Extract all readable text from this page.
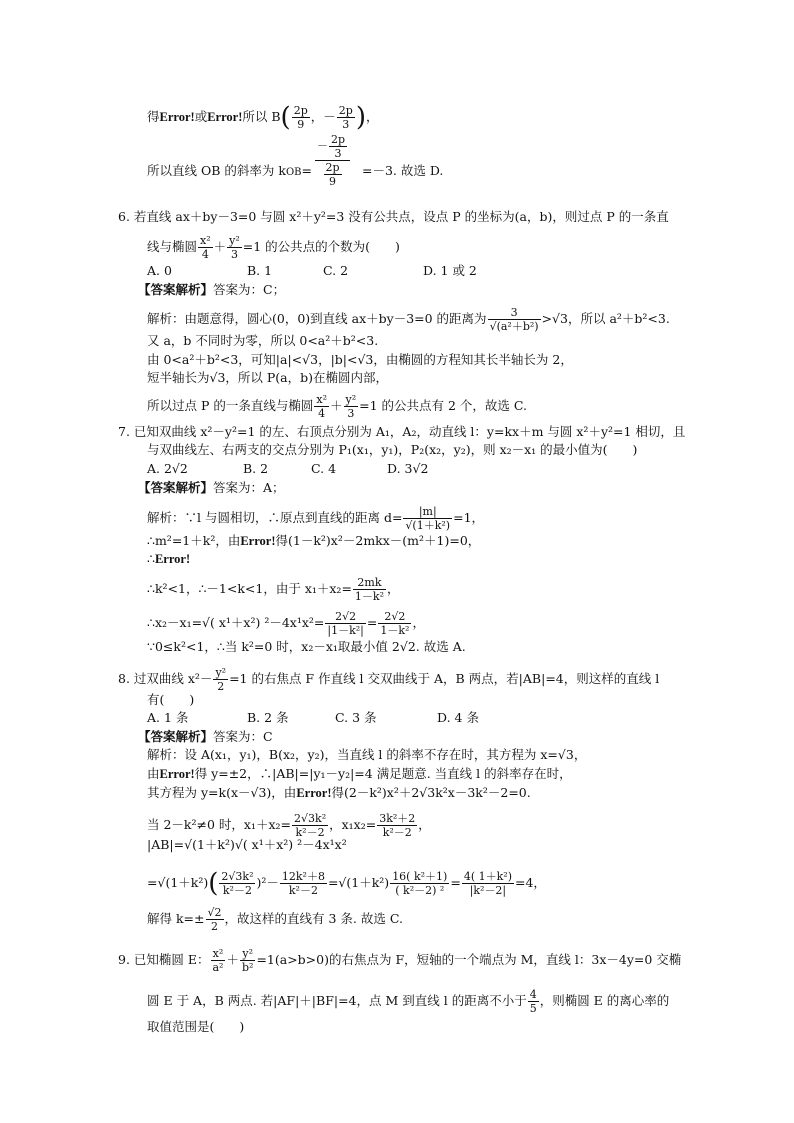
得Error!或Error!所以 $B( \frac{2p}{9}$ ，－ $\frac{2p}{3}$ )，
$\frac{- \frac{2p}{3}}{\frac{2p}{9}}$
所以直线 OB 的斜率为 kOB=	=－3. 故选 D.
6. 若直线 ax＋by－3=0 与圆 x²＋y²=3 没有公共点，设点 P 的坐标为(a，b)，则过点 P 的一条直
线与椭圆 $\frac{\text{x²}}{4} + \frac{\text{y²}}{3} =1$ 的公共点的个数为(　　)
A. 0	B. 1	C. 2	D. 1 或 2
【答案解析】答案为：C；
解析：由题意得，圆心(0，0)到直线 ax＋by－3=0 的距离为 $\frac{3}{\text{√(a²＋b²)}} >√3$，所以 a²＋b²<3.
又 a，b 不同时为零，所以 0<a²＋b²<3.
由 0<a²＋b²<3，可知|a|<√3，|b|<√3，由椭圆的方程知其长半轴长为 2，
短半轴长为√3，所以 P(a，b)在椭圆内部，
所以过点 P 的一条直线与椭圆 $\frac{\text{x²}}{4} + \frac{\text{y²}}{3} =1$ 的公共点有 2 个，故选 C.
7. 已知双曲线 x²－y²=1 的左、右顶点分别为 A₁，A₂，动直线 l：y=kx＋m 与圆 x²＋y²=1 相切，且
与双曲线左、右两支的交点分别为 P₁(x₁，y₁)，P₂(x₂，y₂)，则 x₂－x₁ 的最小值为(　　)
A. 2√2	B. 2	C. 4	D. 3√2
【答案解析】答案为：A；
解析：∵l 与圆相切，∴原点到直线的距离 $d= \frac{|m|}{\text{√(1＋k²)}} =1$，
∴m²=1＋k²，由Error!得(1－k²)x²－2mkx－(m²＋1)=0，
∴Error!
∴k²<1，∴－1<k<1，由于 $x_1+x_2= \frac{2mk}{\text{1－k²}}$ ，
∴x₂－x₁=√( x¹＋x²) $^2-4x^1x^2= \frac{2√2}{\text{|1－k²|}} = \frac{2√2}{\text{1－k²}}$ ，
∵0≤k²<1，∴当 k²=0 时，x₂－x₁取最小值 2√2. 故选 A.
8. 过双曲线 $x^2- \frac{\text{y²}}{2} =1$ 的右焦点 F 作直线 l 交双曲线于 A，B 两点，若|AB|=4，则这样的直线 l
有(　　)
A. 1 条	B. 2 条	C. 3 条	D. 4 条
【答案解析】答案为：C
解析：设 A(x₁，y₁)，B(x₂，y₂)，当直线 l 的斜率不存在时，其方程为 x=√3，
由Error!得 y=±2，∴|AB|=|y₁－y₂|=4 满足题意. 当直线 l 的斜率存在时，
其方程为 y=k(x－√3)，由Error!得(2－k²)x²＋2√3k²x－3k²－2=0.
当 2－k²≠0 时，$x_1+x_2= \frac{\text{2√3k²}}{\text{k²－2}}$ ，$x_1x_2= \frac{\text{3k²＋2}}{\text{k²－2}}$ ，
|AB|=√(1＋k²)√( x¹＋x²) ²－4x¹x²
$=√(1+k^2)( \frac{\text{2√3k²}}{\text{k²－2}} )^2- \frac{\text{12k²＋8}}{\text{k²－2}} =√(1+k^2) \frac{\text{16( k²＋1)}}{\text{( k²－2) ²}} = \frac{\text{4( 1＋k²)}}{\text{|k²－2|}} =4$，
解得 $k=\pm \frac{√2}{2}$ ，故这样的直线有 3 条. 故选 C.
9. 已知椭圆 E： $\frac{\text{x²}}{\text{a²}} + \frac{\text{y²}}{\text{b²}} =1(a>b>0)$的右焦点为 F，短轴的一个端点为 M，直线 l：3x－4y=0 交椭
圆 E 于 A，B 两点. 若|AF|＋|BF|=4，点 M 到直线 l 的距离不小于 $\frac{4}{5}$ ，则椭圆 E 的离心率的
取值范围是(　　)
